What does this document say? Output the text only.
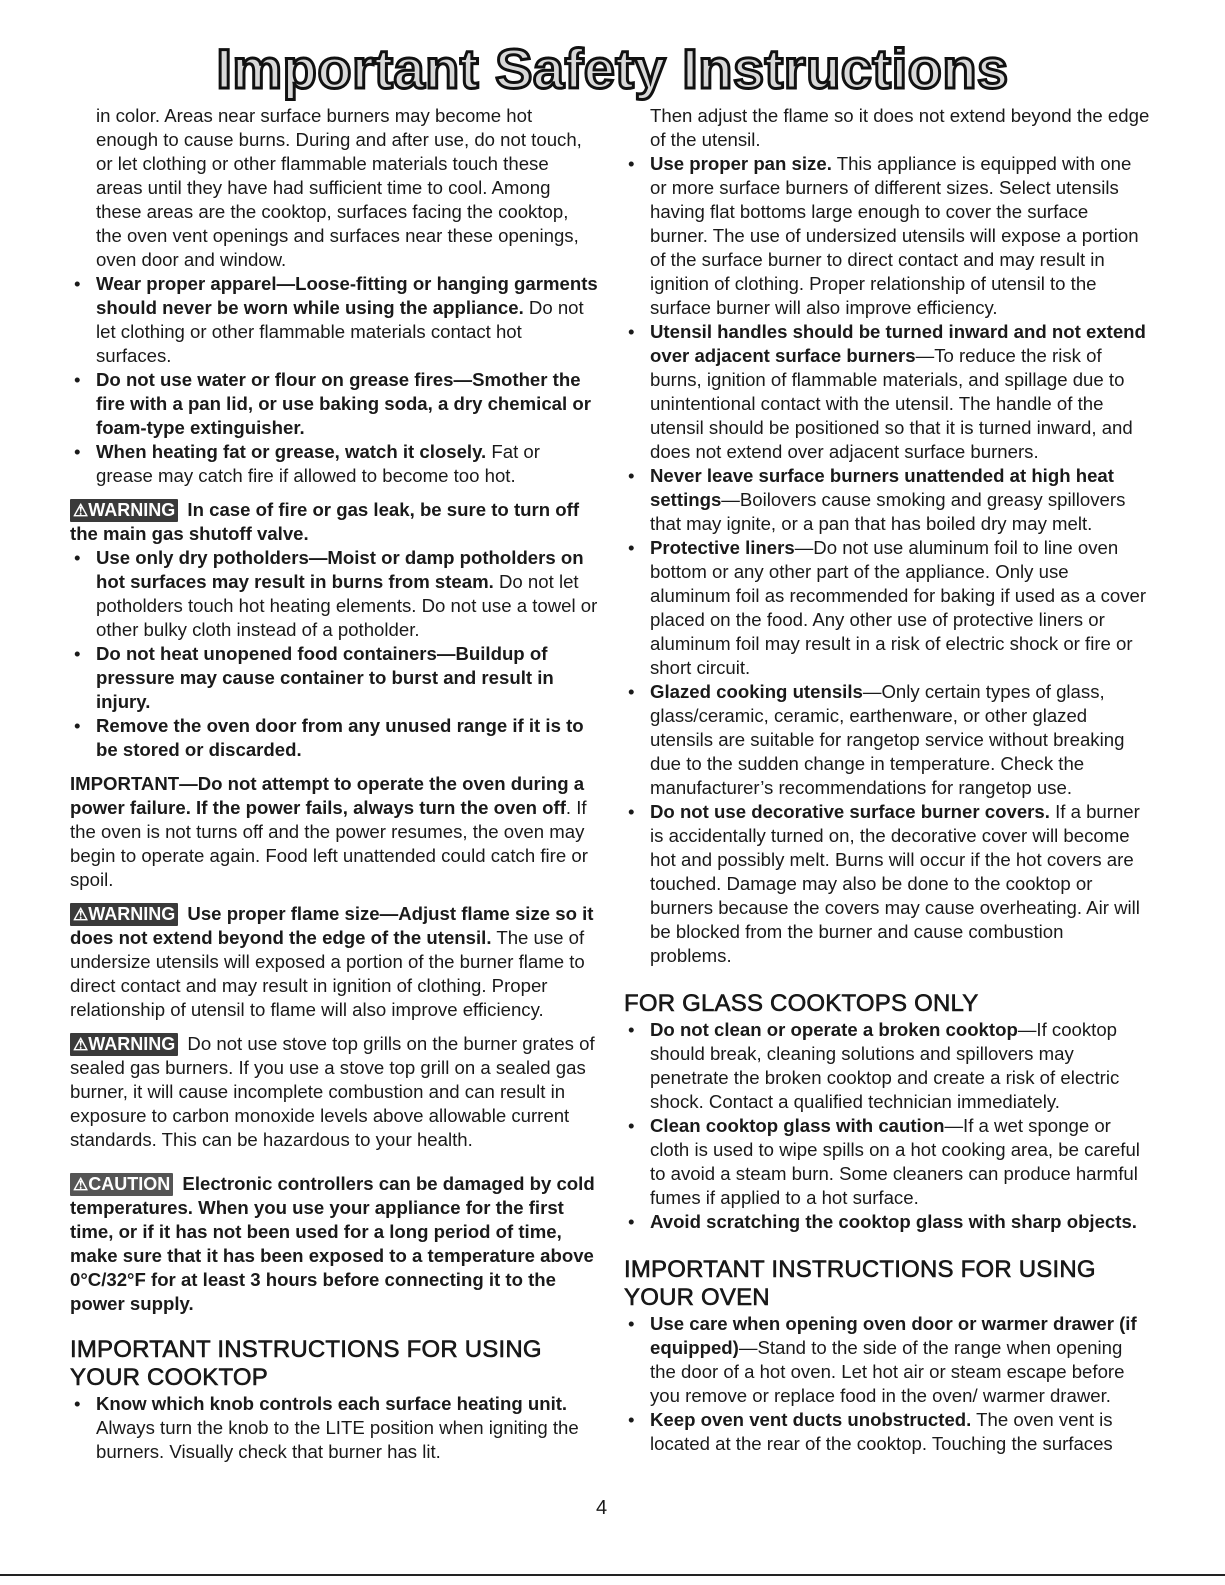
Important Safety Instructions

in color. Areas near surface burners may become hot enough to cause burns. During and after use, do not touch, or let clothing or other flammable materials touch these areas until they have had sufficient time to cool. Among these areas are the cooktop, surfaces facing the cooktop, the oven vent openings and surfaces near these openings, oven door and window.

• Wear proper apparel—Loose-fitting or hanging garments should never be worn while using the appliance. Do not let clothing or other flammable materials contact hot surfaces.
• Do not use water or flour on grease fires—Smother the fire with a pan lid, or use baking soda, a dry chemical or foam-type extinguisher.
• When heating fat or grease, watch it closely. Fat or grease may catch fire if allowed to become too hot.

⚠WARNING In case of fire or gas leak, be sure to turn off the main gas shutoff valve.

• Use only dry potholders—Moist or damp potholders on hot surfaces may result in burns from steam. Do not let potholders touch hot heating elements. Do not use a towel or other bulky cloth instead of a potholder.
• Do not heat unopened food containers—Buildup of pressure may cause container to burst and result in injury.
• Remove the oven door from any unused range if it is to be stored or discarded.

IMPORTANT—Do not attempt to operate the oven during a power failure. If the power fails, always turn the oven off. If the oven is not turns off and the power resumes, the oven may begin to operate again. Food left unattended could catch fire or spoil.

⚠WARNING Use proper flame size—Adjust flame size so it does not extend beyond the edge of the utensil. The use of undersize utensils will exposed a portion of the burner flame to direct contact and may result in ignition of clothing. Proper relationship of utensil to flame will also improve efficiency.

⚠WARNING Do not use stove top grills on the burner grates of sealed gas burners. If you use a stove top grill on a sealed gas burner, it will cause incomplete combustion and can result in exposure to carbon monoxide levels above allowable current standards. This can be hazardous to your health.

⚠CAUTION Electronic controllers can be damaged by cold temperatures. When you use your appliance for the first time, or if it has not been used for a long period of time, make sure that it has been exposed to a temperature above 0°C/32°F for at least 3 hours before connecting it to the power supply.

IMPORTANT INSTRUCTIONS FOR USING YOUR COOKTOP
• Know which knob controls each surface heating unit. Always turn the knob to the LITE position when igniting the burners. Visually check that burner has lit.

Then adjust the flame so it does not extend beyond the edge of the utensil.

• Use proper pan size. This appliance is equipped with one or more surface burners of different sizes. Select utensils having flat bottoms large enough to cover the surface burner. The use of undersized utensils will expose a portion of the surface burner to direct contact and may result in ignition of clothing. Proper relationship of utensil to the surface burner will also improve efficiency.
• Utensil handles should be turned inward and not extend over adjacent surface burners—To reduce the risk of burns, ignition of flammable materials, and spillage due to unintentional contact with the utensil. The handle of the utensil should be positioned so that it is turned inward, and does not extend over adjacent surface burners.
• Never leave surface burners unattended at high heat settings—Boilovers cause smoking and greasy spillovers that may ignite, or a pan that has boiled dry may melt.
• Protective liners—Do not use aluminum foil to line oven bottom or any other part of the appliance. Only use aluminum foil as recommended for baking if used as a cover placed on the food. Any other use of protective liners or aluminum foil may result in a risk of electric shock or fire or short circuit.
• Glazed cooking utensils—Only certain types of glass, glass/ceramic, ceramic, earthenware, or other glazed utensils are suitable for rangetop service without breaking due to the sudden change in temperature. Check the manufacturer’s recommendations for rangetop use.
• Do not use decorative surface burner covers. If a burner is accidentally turned on, the decorative cover will become hot and possibly melt. Burns will occur if the hot covers are touched. Damage may also be done to the cooktop or burners because the covers may cause overheating. Air will be blocked from the burner and cause combustion problems.
FOR GLASS COOKTOPS ONLY
• Do not clean or operate a broken cooktop—If cooktop should break, cleaning solutions and spillovers may penetrate the broken cooktop and create a risk of electric shock. Contact a qualified technician immediately.
• Clean cooktop glass with caution—If a wet sponge or cloth is used to wipe spills on a hot cooking area, be careful to avoid a steam burn. Some cleaners can produce harmful fumes if applied to a hot surface.
• Avoid scratching the cooktop glass with sharp objects.
IMPORTANT INSTRUCTIONS FOR USING YOUR OVEN
• Use care when opening oven door or warmer drawer (if equipped)—Stand to the side of the range when opening the door of a hot oven. Let hot air or steam escape before you remove or replace food in the oven/ warmer drawer.
• Keep oven vent ducts unobstructed. The oven vent is located at the rear of the cooktop. Touching the surfaces
4
